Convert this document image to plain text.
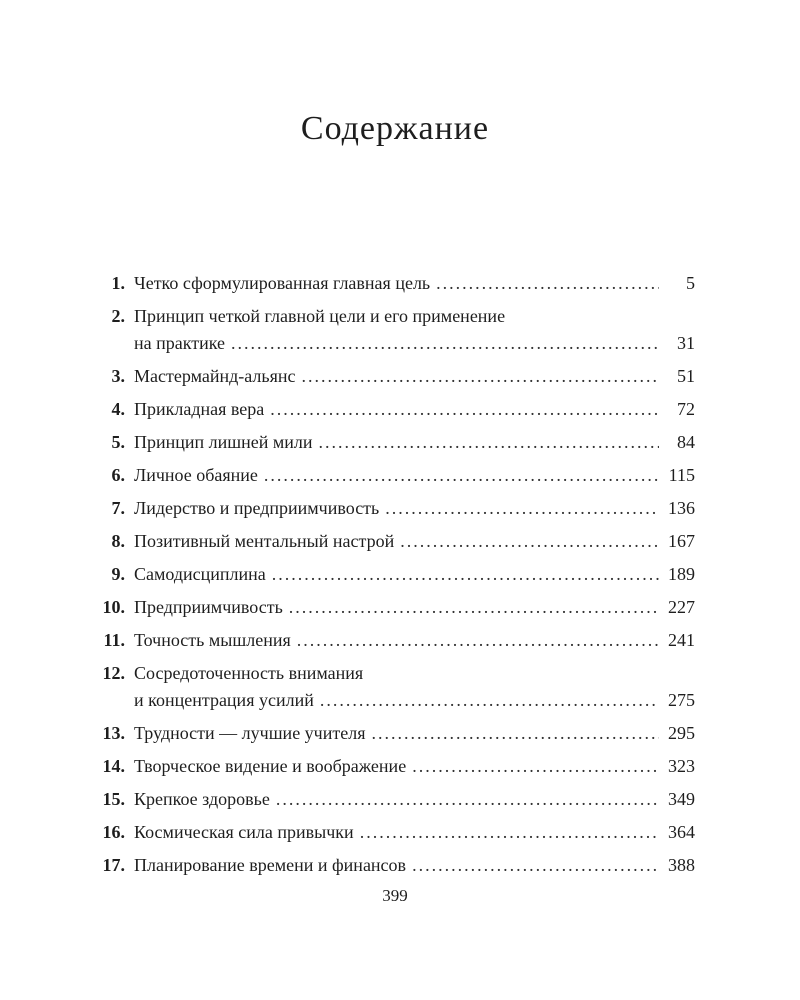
Содержание
1. Четко сформулированная главная цель .....	5
2. Принцип четкой главной цели и его применение
на практике .....	31
3. Мастермайнд-альянс .....	51
4. Прикладная вера .....	72
5. Принцип лишней мили .....	84
6. Личное обаяние .....	115
7. Лидерство и предприимчивость .....	136
8. Позитивный ментальный настрой .....	167
9. Самодисциплина .....	189
10. Предприимчивость .....	227
11. Точность мышления .....	241
12. Сосредоточенность внимания
и концентрация усилий .....	275
13. Трудности — лучшие учителя .....	295
14. Творческое видение и воображение .....	323
15. Крепкое здоровье .....	349
16. Космическая сила привычки .....	364
17. Планирование времени и финансов .....	388
399
